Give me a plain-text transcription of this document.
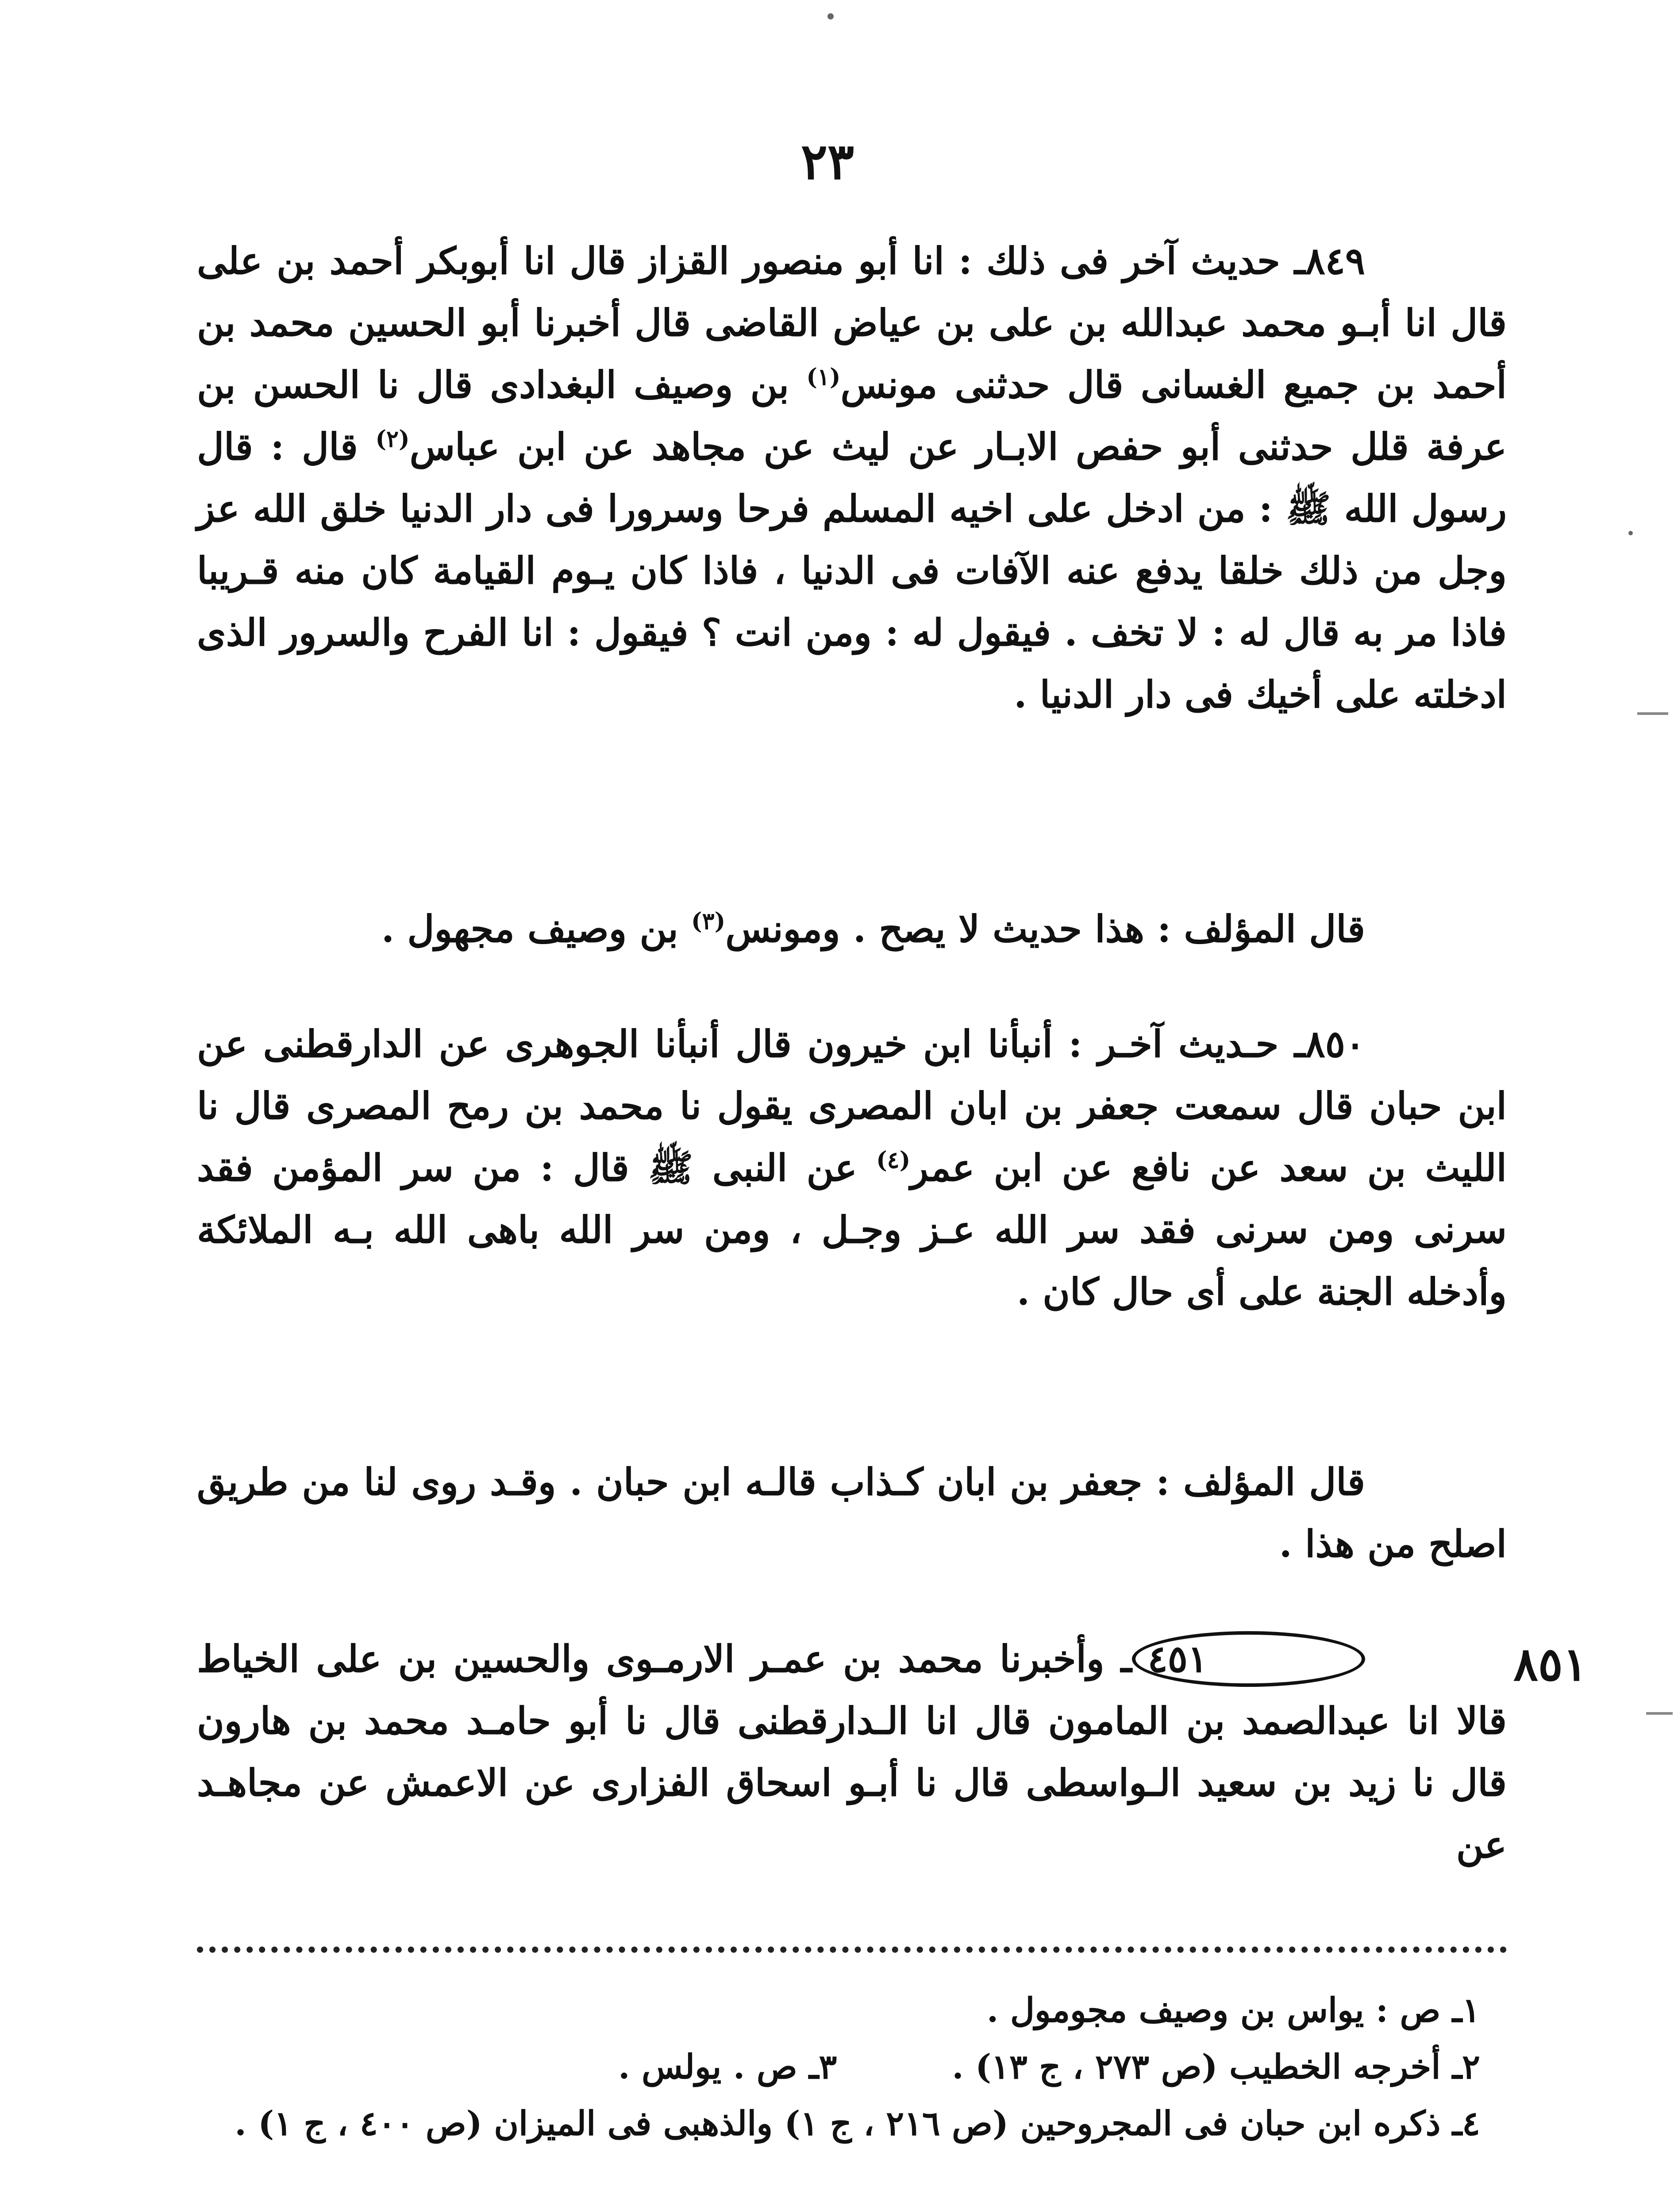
٢٣

٨٤٩ـ حديث آخر فى ذلك : انا أبو منصور القزاز قال انا أبوبكر أحمد بن على قال انا أبـو محمد عبدالله بن على بن عياض القاضى قال أخبرنا أبو الحسين محمد بن أحمد بن جميع الغسانى قال حدثنى مونس$^{(١)}$ بن وصيف البغدادى قال نا الحسن بن عرفة قلل حدثنى أبو حفص الابـار عن ليث عن مجاهد عن ابن عباس$^{(٢)}$ قال : قال رسول الله ﷺ : من ادخل على اخيه المسلم فرحا وسرورا فى دار الدنيا خلق الله عز وجل من ذلك خلقا يدفع عنه الآفات فى الدنيا ، فاذا كان يـوم القيامة كان منه قـريبا فاذا مر به قال له : لا تخف . فيقول له : ومن انت ؟ فيقول : انا الفرح والسرور الذى ادخلته على أخيك فى دار الدنيا .

قال المؤلف : هذا حديث لا يصح . ومونس$^{(٣)}$ بن وصيف مجهول .

٨٥٠ـ حـديث آخـر : أنبأنا ابن خيرون قال أنبأنا الجوهرى عن الدارقطنى عن ابن حبان قال سمعت جعفر بن ابان المصرى يقول نا محمد بن رمح المصرى قال نا الليث بن سعد عن نافع عن ابن عمر$^{(٤)}$ عن النبى ﷺ قال : من سر المؤمن فقد سرنى ومن سرنى فقد سر الله عـز وجـل ، ومن سر الله باهى الله بـه الملائكة وأدخله الجنة على أى حال كان .

قال المؤلف : جعفر بن ابان كـذاب قالـه ابن حبان . وقـد روى لنا من طريق اصلح من هذا .

٨٥١

٤٥١ـ وأخبرنا محمد بن عمـر الارمـوى والحسين بن على الخياط قالا انا عبدالصمد بن المامون قال انا الـدارقطنى قال نا أبو حامـد محمد بن هارون قال نا زيد بن سعيد الـواسطى قال نا أبـو اسحاق الفزارى عن الاعمش عن مجاهـد عن

١ـ ص : يواس بن وصيف مجومول .

٢ـ أخرجه الخطيب (ص ٢٧٣ ، ج ١٣) .٣ـ ص . يولس .

٤ـ ذكره ابن حبان فى المجروحين (ص ٢١٦ ، ج ١) والذهبى فى الميزان (ص ٤٠٠ ، ج ١) .
